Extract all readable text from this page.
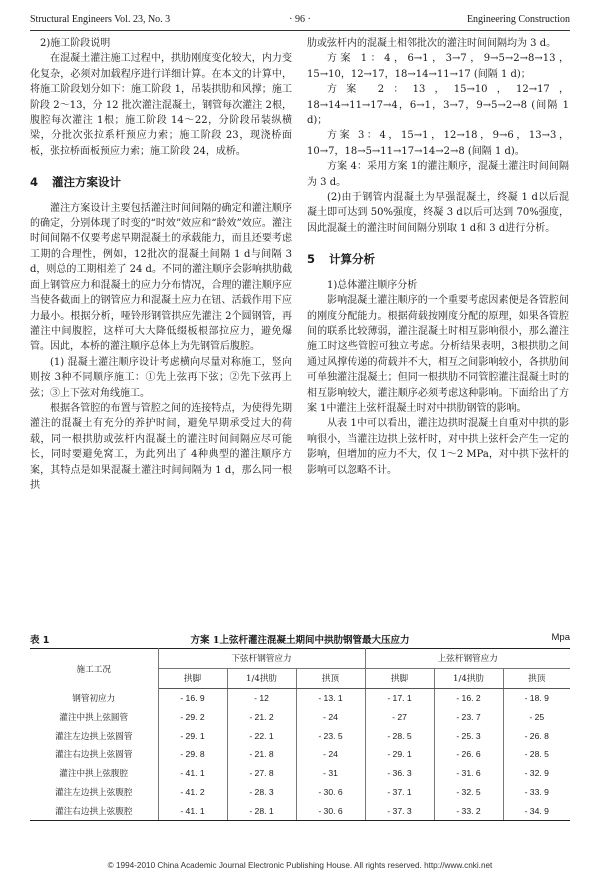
Structural Engineers Vol. 23, No. 3	· 96 ·	Engineering Construction

2)施工阶段说明

在混凝土灌注施工过程中，拱肋刚度变化较大，内力变化复杂，必须对加载程序进行详细计算。在本文的计算中，将施工阶段划分如下：施工阶段 1，吊装拱肋和风撑；施工阶段 2～13，分 12 批次灌注混凝土，钢管每次灌注 2根，腹腔每次灌注 1根；施工阶段 14～22，分阶段吊装纵横梁，分批次张拉系杆预应力索；施工阶段 23，现浇桥面板，张拉桥面板预应力索；施工阶段 24，成桥。

4 灌注方案设计

灌注方案设计主要包括灌注时间间隔的确定和灌注顺序的确定，分别体现了时变的“时效”效应和“龄效”效应。灌注时间间隔不仅要考虑早期混凝土的承载能力，而且还要考虑工期的合理性，例如，12批次的混凝土间隔 1 d与间隔 3 d，则总的工期相差了 24 d。不同的灌注顺序会影响拱肋截面上钢管应力和混凝土的应力分布情况，合理的灌注顺序应当使各截面上的钢管应力和混凝土应力在钮、活载作用下应力最小。根据分析，哑铃形钢管拱应先灌注 2个圆钢管，再灌注中间腹腔，这样可大大降低缀板根部拉应力，避免爆管。因此，本桥的灌注顺序总体上为先钢管后腹腔。

(1) 混凝土灌注顺序设计考虑横向尽量对称施工，竖向则按 3种不同顺序施工：①先上弦再下弦；②先下弦再上弦；③上下弦对角线施工。

根据各管腔的布置与管腔之间的连接特点，为使得先期灌注的混凝土有充分的养护时间，避免早期承受过大的荷载，同一根拱肋或弦杆内混凝土的灌注时间间隔应尽可能长，同时要避免窝工，为此列出了 4种典型的灌注顺序方案，其特点是如果混凝土灌注时间间隔为 1 d，那么同一根拱

肋或弦杆内的混凝土相邻批次的灌注时间间隔均为 3 d。

方案 1：4，6→1，3→7，9→5→2→8→13，15→10，12→17，18→14→11→17 (间隔 1 d)；

方案 2：13，15→10，12→17，18→14→11→17→4，6→1，3→7，9→5→2→8 (间隔 1 d)；

方案 3：4，15→1，12→18，9→6，13→3，10→7，18→5→11→17→14→2→8 (间隔 1 d)。

方案 4：采用方案 1的灌注顺序，混凝土灌注时间间隔为 3 d。

(2)由于钢管内混凝土为早强混凝土，终凝 1 d以后混凝土即可达到 50%强度，终凝 3 d以后可达到 70%强度，因此混凝土的灌注时间间隔分别取 1 d和 3 d进行分析。

5 计算分析

1)总体灌注顺序分析

影响混凝土灌注顺序的一个重要考虑因素便是各管腔间的刚度分配能力。根据荷载按刚度分配的原理，如果各管腔间的联系比较薄弱，灌注混凝土时相互影响很小，那么灌注施工时这些管腔可独立考虑。分析结果表明，3根拱肋之间通过风撑传递的荷载并不大，相互之间影响较小，各拱肋间可单独灌注混凝土；但同一根拱肋不同管腔灌注混凝土时的相互影响较大，灌注顺序必须考虑这种影响。下面给出了方案 1中灌注上弦杆混凝土时对中拱肋钢管的影响。

从表 1中可以看出，灌注边拱时混凝土自重对中拱的影响很小，当灌注边拱上弦杆时，对中拱上弦杆会产生一定的影响，但增加的应力不大，仅 1～2 MPa，对中拱下弦杆的影响可以忽略不计。

表 1	方案 1上弦杆灌注混凝土期间中拱肋钢管最大压应力	Mpa
施工工况	下弦杆钢管应力			上弦杆钢管应力		
	拱脚	1/4拱肋	拱顶	拱脚	1/4拱肋	拱顶
钢管初应力	- 16. 9	- 12	- 13. 1	- 17. 1	- 16. 2	- 18. 9
灌注中拱上弦圆管	- 29. 2	- 21. 2	- 24	- 27	- 23. 7	- 25
灌注左边拱上弦圆管	- 29. 1	- 22. 1	- 23. 5	- 28. 5	- 25. 3	- 26. 8
灌注右边拱上弦圆管	- 29. 8	- 21. 8	- 24	- 29. 1	- 26. 6	- 28. 5
灌注中拱上弦腹腔	- 41. 1	- 27. 8	- 31	- 36. 3	- 31. 6	- 32. 9
灌注左边拱上弦腹腔	- 41. 2	- 28. 3	- 30. 6	- 37. 1	- 32. 5	- 33. 9
灌注右边拱上弦腹腔	- 41. 1	- 28. 1	- 30. 6	- 37. 3	- 33. 2	- 34. 9
© 1994-2010 China Academic Journal Electronic Publishing House. All rights reserved. http://www.cnki.net
